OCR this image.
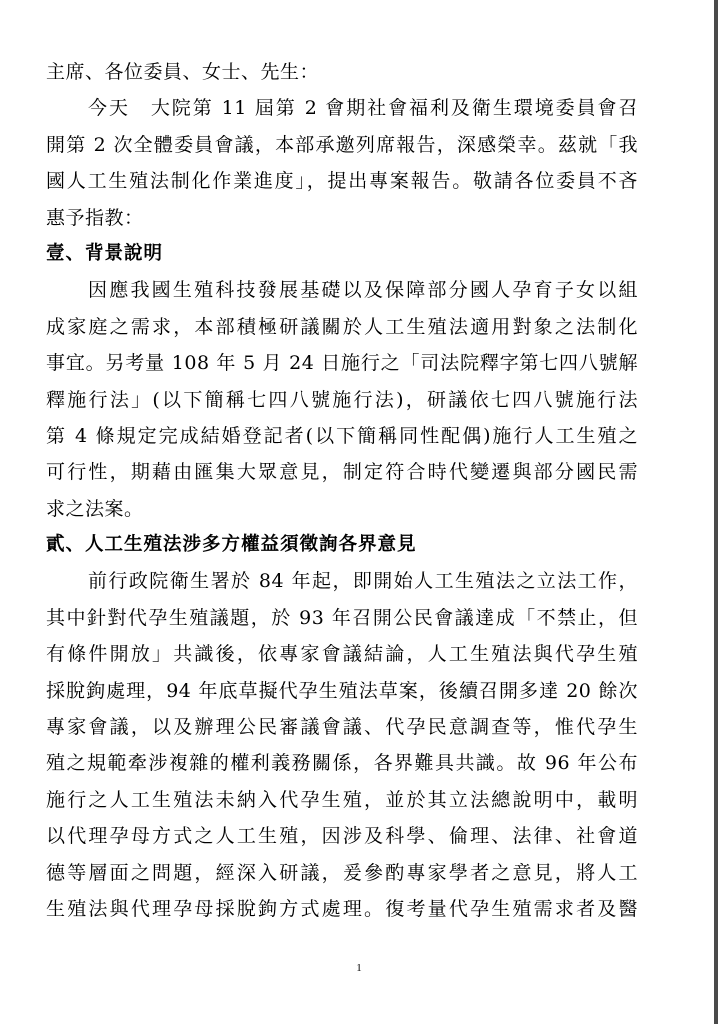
主席、各位委員、女士、先生：
今天　大院第 11 屆第 2 會期社會福利及衛生環境委員會召
開第 2 次全體委員會議，本部承邀列席報告，深感榮幸。茲就「我
國人工生殖法制化作業進度」，提出專案報告。敬請各位委員不吝
惠予指教：
壹、背景說明
因應我國生殖科技發展基礎以及保障部分國人孕育子女以組
成家庭之需求，本部積極研議關於人工生殖法適用對象之法制化
事宜。另考量 108 年 5 月 24 日施行之「司法院釋字第七四八號解
釋施行法」(以下簡稱七四八號施行法)，研議依七四八號施行法
第 4 條規定完成結婚登記者(以下簡稱同性配偶)施行人工生殖之
可行性，期藉由匯集大眾意見，制定符合時代變遷與部分國民需
求之法案。
貳、人工生殖法涉多方權益須徵詢各界意見
前行政院衛生署於 84 年起，即開始人工生殖法之立法工作，
其中針對代孕生殖議題，於 93 年召開公民會議達成「不禁止，但
有條件開放」共識後，依專家會議結論，人工生殖法與代孕生殖
採脫鉤處理，94 年底草擬代孕生殖法草案，後續召開多達 20 餘次
專家會議，以及辦理公民審議會議、代孕民意調查等，惟代孕生
殖之規範牽涉複雜的權利義務關係，各界難具共識。故 96 年公布
施行之人工生殖法未納入代孕生殖，並於其立法總說明中，載明
以代理孕母方式之人工生殖，因涉及科學、倫理、法律、社會道
德等層面之問題，經深入研議，爰參酌專家學者之意見，將人工
生殖法與代理孕母採脫鉤方式處理。復考量代孕生殖需求者及醫
1
